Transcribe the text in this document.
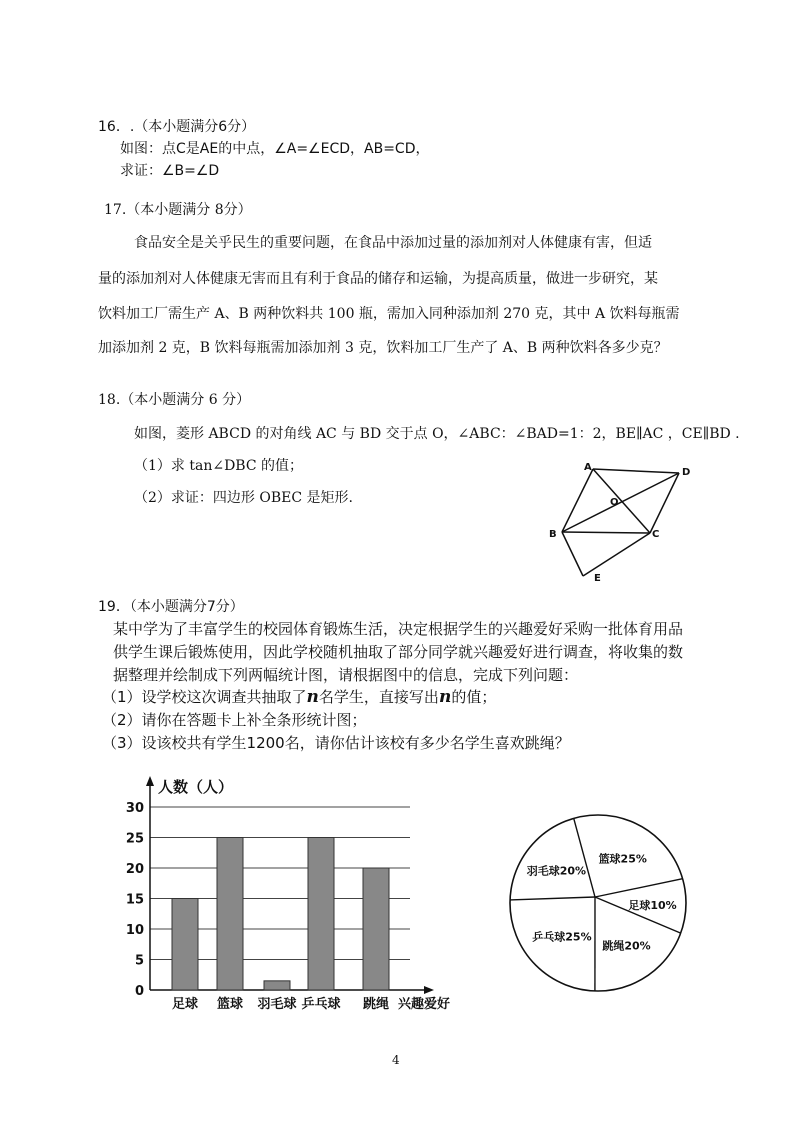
16．.（本小题满分6分）
如图：点C是AE的中点，∠A=∠ECD，AB=CD，
求证：∠B=∠D
17.（本小题满分 8分）
食品安全是关乎民生的重要问题，在食品中添加过量的添加剂对人体健康有害，但适
量的添加剂对人体健康无害而且有利于食品的储存和运输，为提高质量，做进一步研究，某
饮料加工厂需生产 A、B 两种饮料共 100 瓶，需加入同种添加剂 270 克，其中 A 饮料每瓶需
加添加剂 2 克，B 饮料每瓶需加添加剂 3 克，饮料加工厂生产了 A、B 两种饮料各多少克？
18.（本小题满分 6 分）
如图，菱形 ABCD 的对角线 AC 与 BD 交于点 O，∠ABC：∠BAD=1：2，BE∥AC ，CE∥BD .
（1）求 tan∠DBC 的值；
（2）求证：四边形 OBEC 是矩形.
A	D
O
B	C
E
19．（本小题满分7分）
某中学为了丰富学生的校园体育锻炼生活，决定根据学生的兴趣爱好采购一批体育用品
供学生课后锻炼使用，因此学校随机抽取了部分同学就兴趣爱好进行调查，将收集的数
据整理并绘制成下列两幅统计图，请根据图中的信息，完成下列问题：
（1）设学校这次调查共抽取了n名学生，直接写出n的值；
（2）请你在答题卡上补全条形统计图；
（3）设该校共有学生1200名，请你估计该校有多少名学生喜欢跳绳？
0
5
10
15
20
25
30
人数（人）
兴趣爱好
足球 篮球 羽毛球 乒乓球 跳绳
篮球25%
足球10%
跳绳20%
乒乓球25%
羽毛球20%
4
